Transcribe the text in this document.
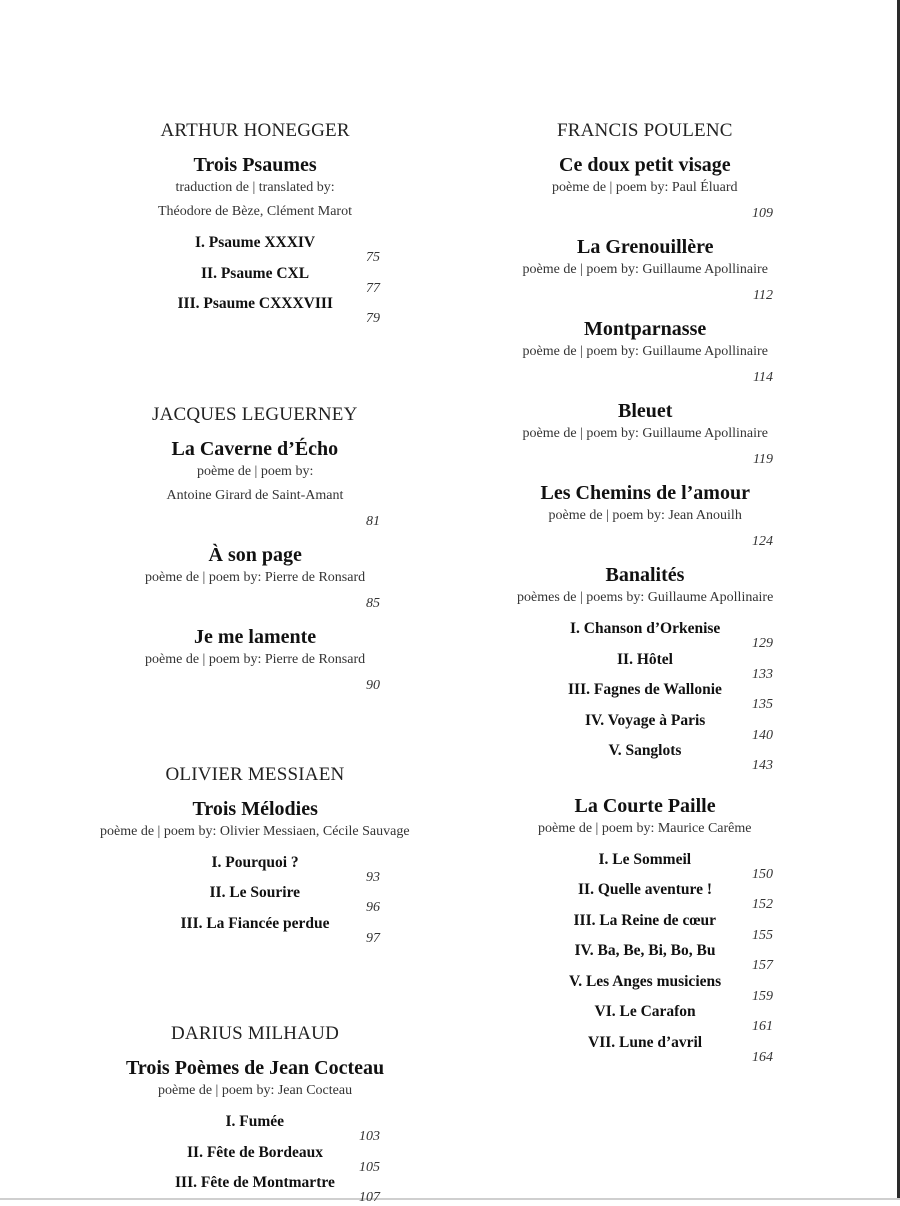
ARTHUR HONEGGER
Trois Psaumes
traduction de | translated by:
Théodore de Bèze, Clément Marot
I. Psaume XXXIV
75
II. Psaume CXL
77
III. Psaume CXXXVIII
79
JACQUES LEGUERNEY
La Caverne d’Écho
poème de | poem by:
Antoine Girard de Saint-Amant
81
À son page
poème de | poem by: Pierre de Ronsard
85
Je me lamente
poème de | poem by: Pierre de Ronsard
90
OLIVIER MESSIAEN
Trois Mélodies
poème de | poem by: Olivier Messiaen, Cécile Sauvage
I. Pourquoi ?
93
II. Le Sourire
96
III. La Fiancée perdue
97
DARIUS MILHAUD
Trois Poèmes de Jean Cocteau
poème de | poem by: Jean Cocteau
I. Fumée
103
II. Fête de Bordeaux
105
III. Fête de Montmartre
107
FRANCIS POULENC
Ce doux petit visage
poème de | poem by: Paul Éluard
109
La Grenouillère
poème de | poem by: Guillaume Apollinaire
112
Montparnasse
poème de | poem by: Guillaume Apollinaire
114
Bleuet
poème de | poem by: Guillaume Apollinaire
119
Les Chemins de l’amour
poème de | poem by: Jean Anouilh
124
Banalités
poèmes de | poems by: Guillaume Apollinaire
I. Chanson d’Orkenise
129
II. Hôtel
133
III. Fagnes de Wallonie
135
IV. Voyage à Paris
140
V. Sanglots
143
La Courte Paille
poème de | poem by: Maurice Carême
I. Le Sommeil
150
II. Quelle aventure !
152
III. La Reine de cœur
155
IV. Ba, Be, Bi, Bo, Bu
157
V. Les Anges musiciens
159
VI. Le Carafon
161
VII. Lune d’avril
164
